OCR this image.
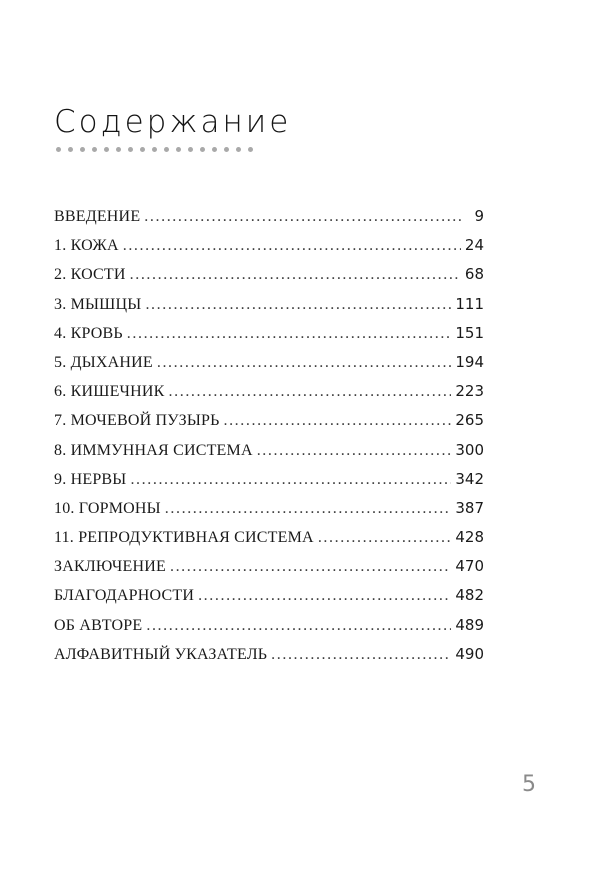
Содержание
ВВЕДЕНИЕ . . .	9
1. КОЖА . . .	24
2. КОСТИ . . .	68
3. МЫШЦЫ . . .	111
4. КРОВЬ . . .	151
5. ДЫХАНИЕ . . .	194
6. КИШЕЧНИК . . .	223
7. МОЧЕВОЙ ПУЗЫРЬ . . .	265
8. ИММУННАЯ СИСТЕМА . . .	300
9. НЕРВЫ . . .	342
10. ГОРМОНЫ . . .	387
11. РЕПРОДУКТИВНАЯ СИСТЕМА . . .	428
ЗАКЛЮЧЕНИЕ . . .	470
БЛАГОДАРНОСТИ . . .	482
ОБ АВТОРЕ . . .	489
АЛФАВИТНЫЙ УКАЗАТЕЛЬ . . .	490
5
